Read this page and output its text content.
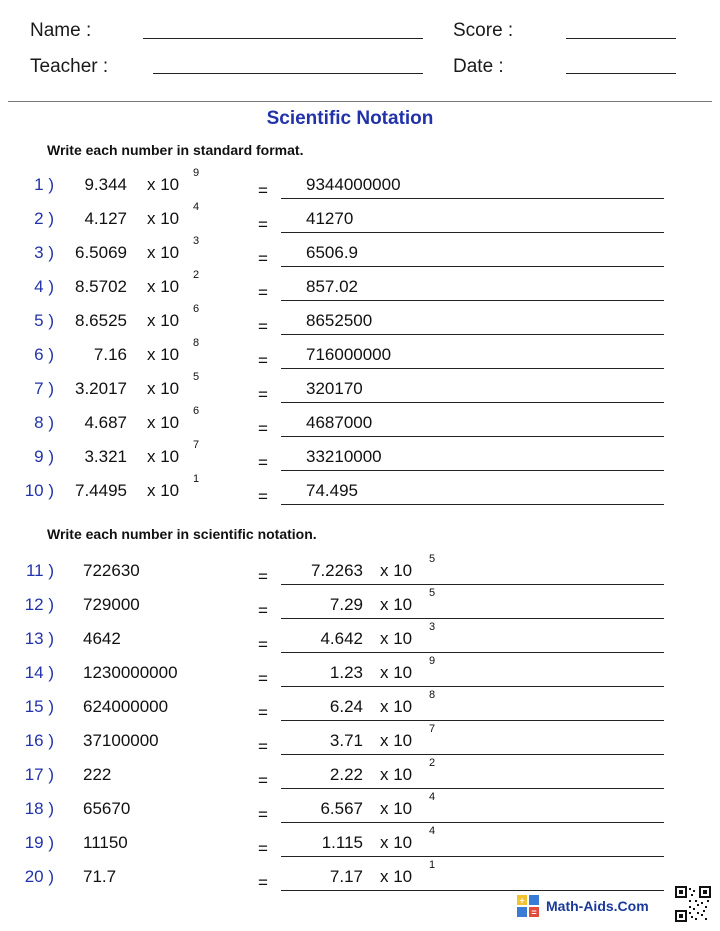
Name :
Teacher :
Score :
Date :
Scientific Notation
Write each number in standard format.
1 ) 9.344 x 10
9
= 9344000000
2 ) 4.127 x 10
4
= 41270
3 ) 6.5069 x 10
3
= 6506.9
4 ) 8.5702 x 10
2
= 857.02
5 ) 8.6525 x 10
6
= 8652500
6 ) 7.16 x 10
8
= 716000000
7 ) 3.2017 x 10
5
= 320170
8 ) 4.687 x 10
6
= 4687000
9 ) 3.321 x 10
7
= 33210000
10 ) 7.4495 x 10
1
= 74.495
Write each number in scientific notation.
11 ) 722630	=	7.2263 x 10
5
12 ) 729000	=	7.29 x 10
5
13 ) 4642	=	4.642 x 10
3
14 ) 1230000000	=	1.23 x 10
9
15 ) 624000000	=	6.24 x 10
8
16 ) 37100000	=	3.71 x 10
7
17 ) 222	=	2.22 x 10
2
18 ) 65670	=	6.567 x 10
4
19 ) 11150	=	1.115 x 10
4
20 ) 71.7	=	7.17 x 10
1
+
= Math-Aids.Com
